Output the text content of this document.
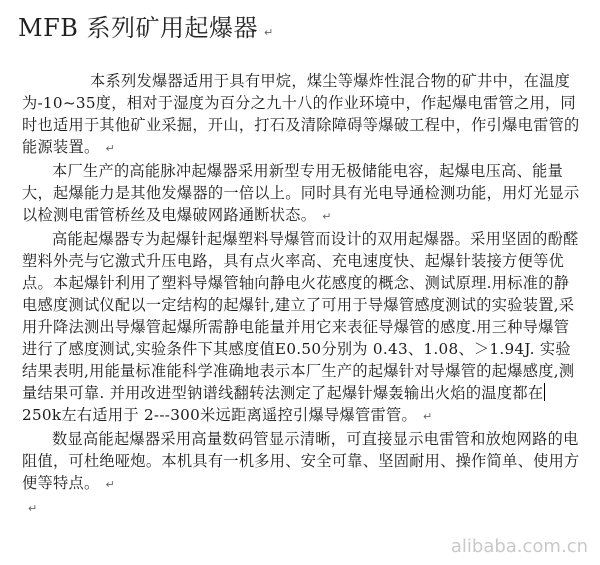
MFB 系列矿用起爆器 ↵

本系列发爆器适用于具有甲烷，煤尘等爆炸性混合物的矿井中，在温度为-10~35度，相对于湿度为百分之九十八的作业环境中，作起爆电雷管之用，同时也适用于其他矿业采掘，开山，打石及清除障碍等爆破工程中，作引爆电雷管的能源装置。 ↵

本厂生产的高能脉冲起爆器采用新型专用无极储能电容，起爆电压高、能量大，起爆能力是其他发爆器的一倍以上。同时具有光电导通检测功能，用灯光显示以检测电雷管桥丝及电爆破网路通断状态。 ↵

高能起爆器专为起爆针起爆塑料导爆管而设计的双用起爆器。采用坚固的酚醛塑料外壳与它激式升压电路，具有点火率高、充电速度快、起爆针装接方便等优点。本起爆针利用了塑料导爆管轴向静电火花感度的概念、测试原理.用标准的静电感度测试仪配以一定结构的起爆针,建立了可用于导爆管感度测试的实验装置,采用升降法测出导爆管起爆所需静电能量并用它来表征导爆管的感度.用三种导爆管进行了感度测试,实验条件下其感度值E0.50分别为 0.43、1.08、＞1.94J. 实验结果表明,用能量标准能科学准确地表示本厂生产的起爆针对导爆管的起爆感度,测量结果可靠. 并用改进型钠谱线翻转法测定了起爆针爆轰输出火焰的温度都在250k左右适用于 2---300米远距离遥控引爆导爆管雷管。 ↵

数显高能起爆器采用高量数码管显示清晰，可直接显示电雷管和放炮网路的电阻值，可杜绝哑炮。本机具有一机多用、安全可靠、坚固耐用、操作简单、使用方便等特点。 ↵

↵

alibaba.com.cn
